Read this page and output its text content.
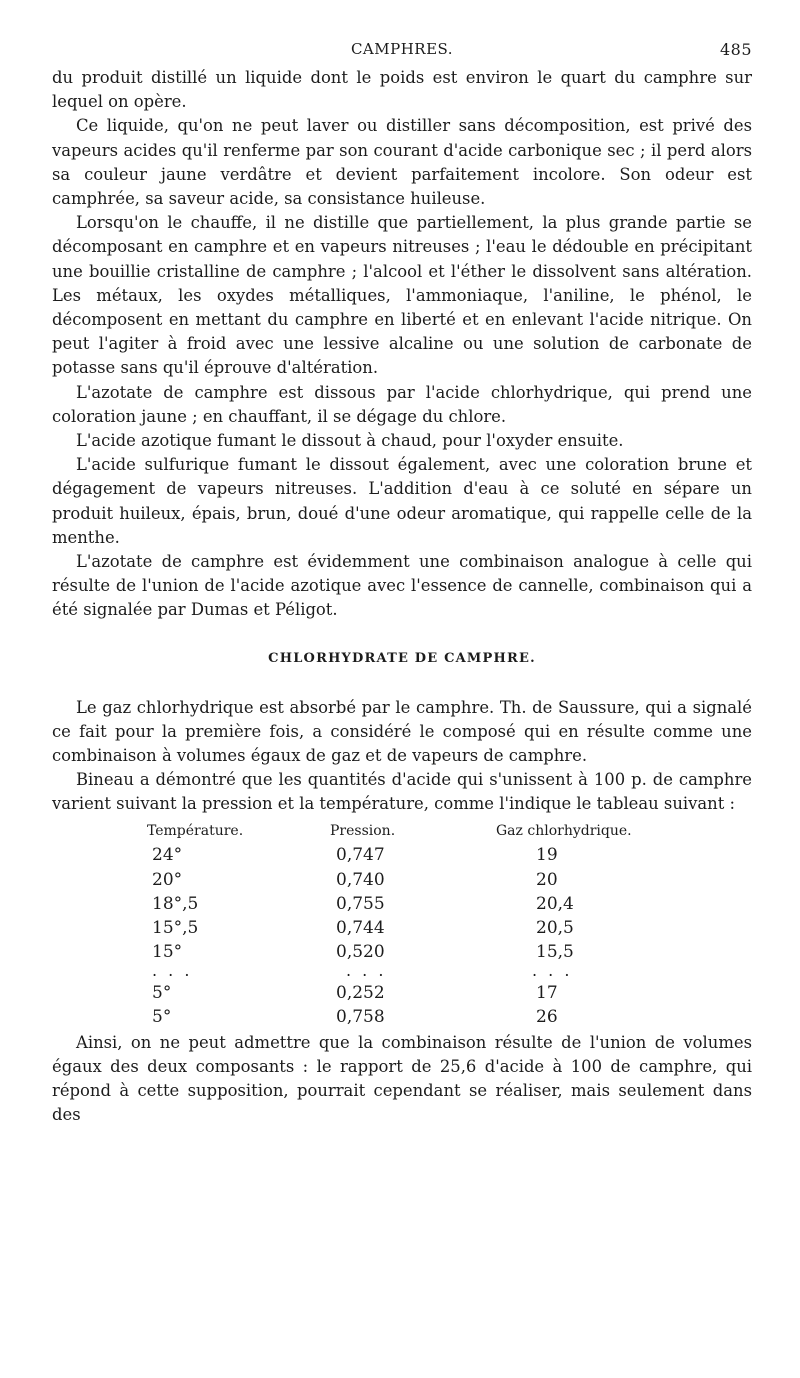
CAMPHRES.	485

du produit distillé un liquide dont le poids est environ le quart du camphre sur lequel on opère.

Ce liquide, qu'on ne peut laver ou distiller sans décomposition, est privé des vapeurs acides qu'il renferme par son courant d'acide carbonique sec ; il perd alors sa couleur jaune verdâtre et devient parfaitement incolore. Son odeur est camphrée, sa saveur acide, sa consistance huileuse.

Lorsqu'on le chauffe, il ne distille que partiellement, la plus grande partie se décomposant en camphre et en vapeurs nitreuses ; l'eau le dédouble en précipitant une bouillie cristalline de camphre ; l'alcool et l'éther le dissolvent sans altération. Les métaux, les oxydes métalliques, l'ammoniaque, l'aniline, le phénol, le décomposent en mettant du camphre en liberté et en enlevant l'acide nitrique. On peut l'agiter à froid avec une lessive alcaline ou une solution de carbonate de potasse sans qu'il éprouve d'altération.

L'azotate de camphre est dissous par l'acide chlorhydrique, qui prend une coloration jaune ; en chauffant, il se dégage du chlore.

L'acide azotique fumant le dissout à chaud, pour l'oxyder ensuite.

L'acide sulfurique fumant le dissout également, avec une coloration brune et dégagement de vapeurs nitreuses. L'addition d'eau à ce soluté en sépare un produit huileux, épais, brun, doué d'une odeur aromatique, qui rappelle celle de la menthe.

L'azotate de camphre est évidemment une combinaison analogue à celle qui résulte de l'union de l'acide azotique avec l'essence de cannelle, combinaison qui a été signalée par Dumas et Péligot.

CHLORHYDRATE DE CAMPHRE.

Le gaz chlorhydrique est absorbé par le camphre. Th. de Saussure, qui a signalé ce fait pour la première fois, a considéré le composé qui en résulte comme une combinaison à volumes égaux de gaz et de vapeurs de camphre.

Bineau a démontré que les quantités d'acide qui s'unissent à 100 p. de camphre varient suivant la pression et la température, comme l'indique le tableau suivant :

Température.	Pression.	Gaz chlorhydrique.
24°	0,747	19
20°	0,740	20
18°,5	0,755	20,4
15°,5	0,744	20,5
15°	0,520	15,5
. . .	. . .	. . .
5°	0,252	17
5°	0,758	26

Ainsi, on ne peut admettre que la combinaison résulte de l'union de volumes égaux des deux composants : le rapport de 25,6 d'acide à 100 de camphre, qui répond à cette supposition, pourrait cependant se réaliser, mais seulement dans des
